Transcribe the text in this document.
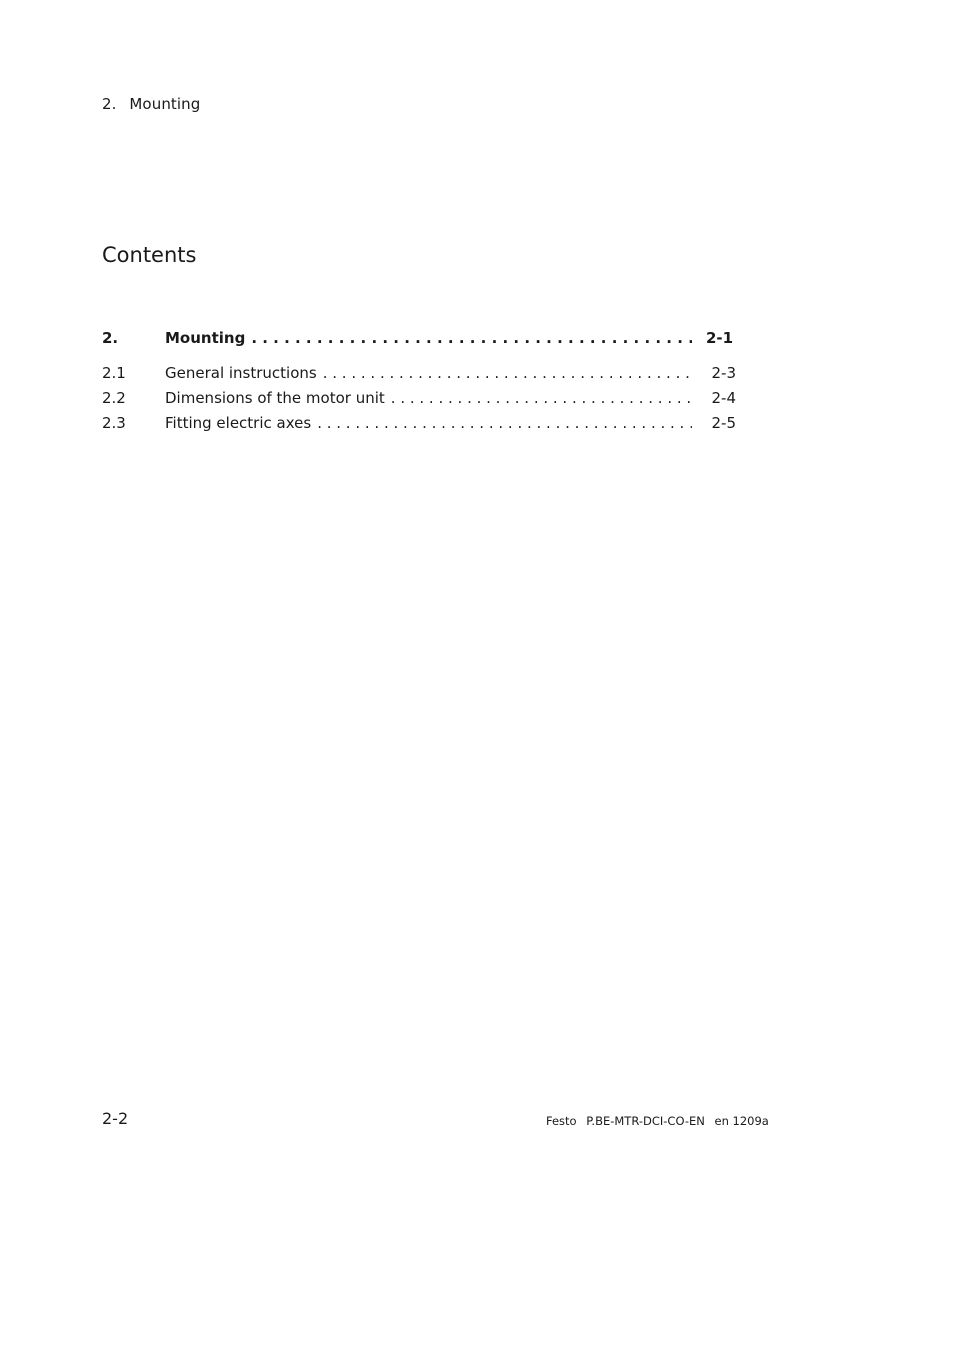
2. Mounting
Contents
2.	Mounting . . .	2-1
2.1	General instructions . . .	2-3
2.2	Dimensions of the motor unit . . .	2-4
2.3	Fitting electric axes . . .	2-5
2-2	Festo P.BE-MTR-DCI-CO-EN en 1209a
